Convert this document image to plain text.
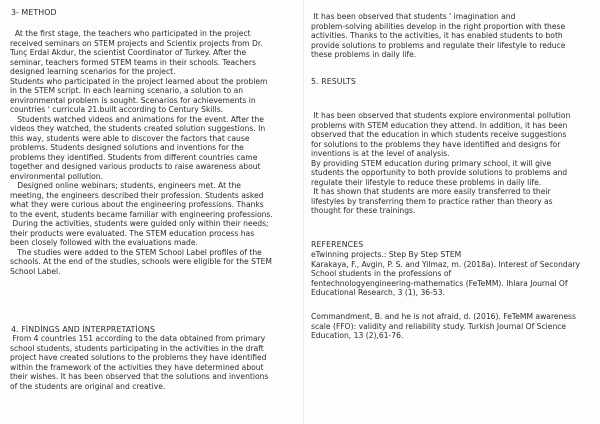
3- METHOD

At the first stage, the teachers who participated in the project
received seminars on STEM projects and Scientix projects from Dr.
Tunç Erdal Akdur, the scientist Coordinator of Turkey. After the
seminar, teachers formed STEM teams in their schools. Teachers
designed learning scenarios for the project.
Students who participated in the project learned about the problem
in the STEM script. In each learning scenario, a solution to an
environmental problem is sought. Scenarios for achievements in
countries ' curricula 21.built according to Century Skills.
Students watched videos and animations for the event. After the
videos they watched, the students created solution suggestions. In
this way, students were able to discover the factors that cause
problems. Students designed solutions and inventions for the
problems they identified. Students from different countries came
together and designed various products to raise awareness about
environmental pollution.
Designed online webinars; students, engineers met. At the
meeting, the engineers described their profession. Students asked
what they were curious about the engineering professions. Thanks
to the event, students became familiar with engineering professions.
During the activities, students were guided only within their needs;
their products were evaluated. The STEM education process has
been closely followed with the evaluations made.
The studies were added to the STEM School Label profiles of the
schools. At the end of the studies, schools were eligible for the STEM
School Label.

4. FİNDİNGS AND İNTERPRETATİONS

From 4 countries 151 according to the data obtained from primary
school students, students participating in the activities in the draft
project have created solutions to the problems they have identified
within the framework of the activities they have determined about
their wishes. It has been observed that the solutions and inventions
of the students are original and creative.

It has been observed that students ' imagination and
problem-solving abilities develop in the right proportion with these
activities. Thanks to the activities, it has enabled students to both
provide solutions to problems and regulate their lifestyle to reduce
these problems in daily life.

5. RESULTS

It has been observed that students explore environmental pollution
problems with STEM education they attend. In addition, it has been
observed that the education in which students receive suggestions
for solutions to the problems they have identified and designs for
inventions is at the level of analysis.
By providing STEM education during primary school, it will give
students the opportunity to both provide solutions to problems and
regulate their lifestyle to reduce these problems in daily life.
It has shown that students are more easily transferred to their
lifestyles by transferring them to practice rather than theory as
thought for these trainings.

REFERENCES

eTwinning projects.: Step By Step STEM
Karakaya, F., Avgin, P. S. and Yilmaz, m. (2018a). Interest of Secondary
School students in the professions of
fentechnologyengineering-mathematics (FeTeMM). Ihlara Journal Of
Educational Research, 3 (1), 36-53.

Commandment, B. and he is not afraid, d. (2016). FeTeMM awareness
scale (FFO): validity and reliability study. Turkish Journal Of Science
Education, 13 (2),61-76.
